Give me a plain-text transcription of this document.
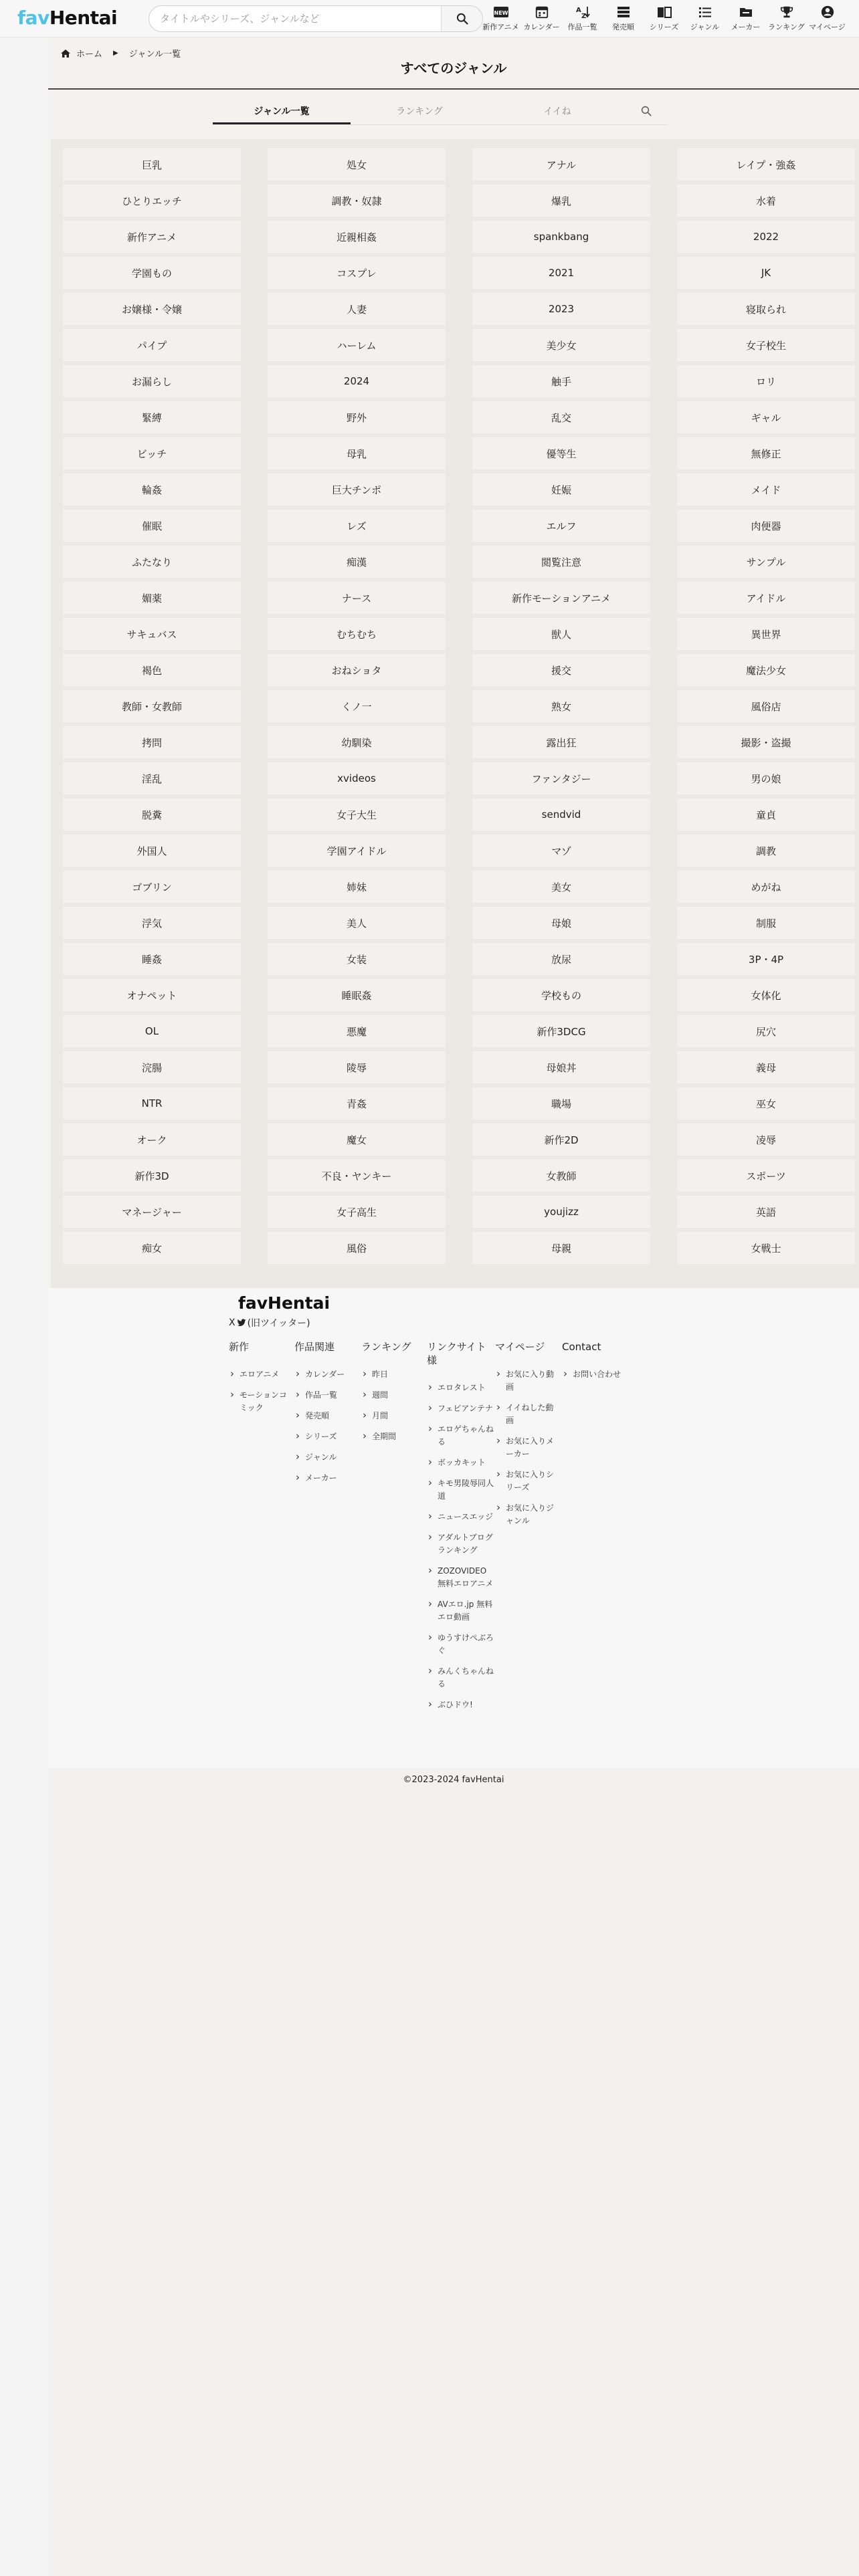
favHentai
タイトルやシリーズ、ジャンルなど	NEW
新作アニメ カレンダー
A
Z
作品一覧 発売順 シリーズ ジャンル メーカー ランキング マイページ
ホーム ▶ ジャンル一覧
すべてのジャンル
ジャンル一覧	ランキング	イイね
巨乳	処女	アナル	レイプ・強姦
ひとりエッチ	調教・奴隷	爆乳	水着
新作アニメ	近親相姦	spankbang	2022
学園もの	コスプレ	2021	JK
お嬢様・令嬢	人妻	2023	寝取られ
パイプ	ハーレム	美少女	女子校生
お漏らし	2024	触手	ロリ
緊縛	野外	乱交	ギャル
ビッチ	母乳	優等生	無修正
輪姦	巨大チンポ	妊娠	メイド
催眠	レズ	エルフ	肉便器
ふたなり	痴漢	閲覧注意	サンプル
媚薬	ナース	新作モーションアニメ	アイドル
サキュバス	むちむち	獣人	異世界
褐色	おねショタ	援交	魔法少女
教師・女教師	くノ一	熟女	風俗店
拷問	幼馴染	露出狂	撮影・盗撮
淫乱	xvideos	ファンタジー	男の娘
脱糞	女子大生	sendvid	童貞
外国人	学園アイドル	マゾ	調教
ゴブリン	姉妹	美女	めがね
浮気	美人	母娘	制服
睡姦	女装	放尿	3P・4P
オナペット	睡眠姦	学校もの	女体化
OL	悪魔	新作3DCG	尻穴
浣腸	陵辱	母娘丼	義母
NTR	青姦	職場	巫女
オーク	魔女	新作2D	凌辱
新作3D	不良・ヤンキー	女教師	スポーツ
マネージャー	女子高生	youjizz	英語
痴女	風俗	母親	女戦士
favHentai
X (旧ツイッター)
新作
› エロアニメ
› モーションコミック
作品関連
› カレンダー
› 作品一覧
› 発売順
› シリーズ
› ジャンル
› メーカー
ランキング
› 昨日
› 週間
› 月間
› 全期間
リンクサイト様
› エロタレスト
› フェビアンテナ
› エロゲちゃんねる
› ボッカキット
› キモ男陵辱同人道
› ニュースエッジ
› アダルトブログランキング
› ZOZOVIDEO 無料エロアニメ
› AVエロ.jp 無料エロ動画
› ゆうすけぺぶろぐ
› みんくちゃんねる
› ぶひドウ!
マイページ
› お気に入り動画
› イイねした動画
› お気に入りメーカー
› お気に入りシリーズ
› お気に入りジャンル
Contact
› お問い合わせ
©2023-2024 favHentai
